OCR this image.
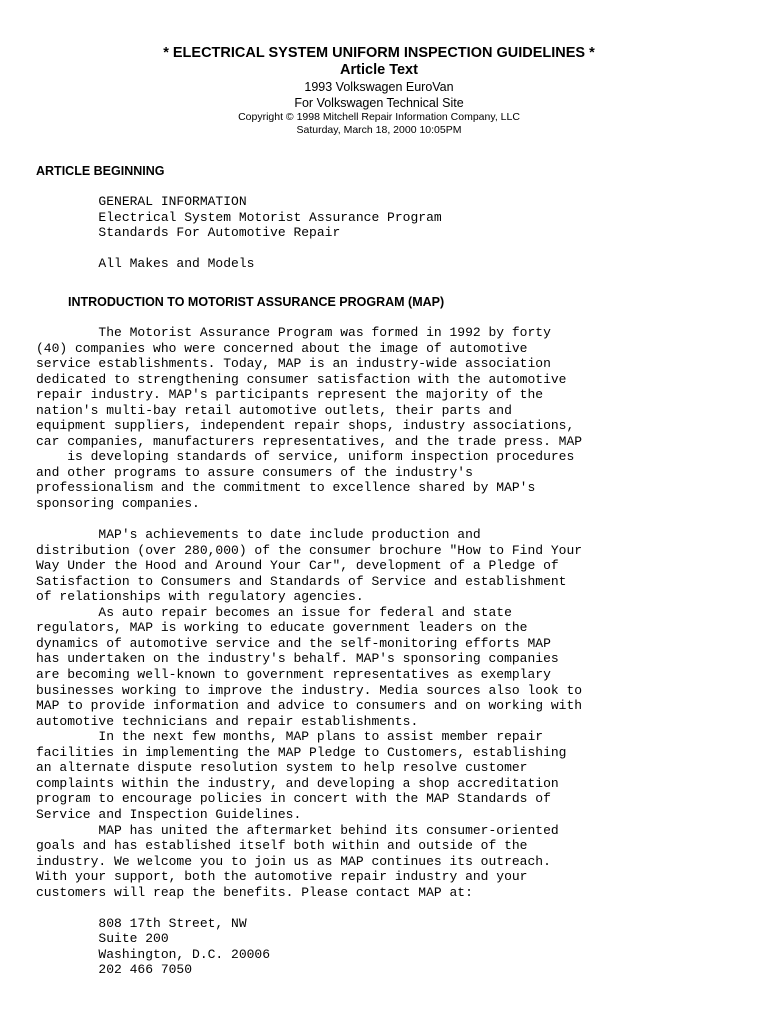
* ELECTRICAL SYSTEM UNIFORM INSPECTION GUIDELINES *
Article Text
1993 Volkswagen EuroVan
For Volkswagen Technical Site
Copyright © 1998 Mitchell Repair Information Company, LLC
Saturday, March 18, 2000 10:05PM
ARTICLE BEGINNING
GENERAL INFORMATION
Electrical System Motorist Assurance Program
Standards For Automotive Repair

All Makes and Models
INTRODUCTION TO MOTORIST ASSURANCE PROGRAM (MAP)
The Motorist Assurance Program was formed in 1992 by forty
(40) companies who were concerned about the image of automotive
service establishments. Today, MAP is an industry-wide association
dedicated to strengthening consumer satisfaction with the automotive
repair industry. MAP's participants represent the majority of the
nation's multi-bay retail automotive outlets, their parts and
equipment suppliers, independent repair shops, industry associations,
car companies, manufacturers representatives, and the trade press. MAP
is developing standards of service, uniform inspection procedures
and other programs to assure consumers of the industry's
professionalism and the commitment to excellence shared by MAP's
sponsoring companies.

MAP's achievements to date include production and
distribution (over 280,000) of the consumer brochure "How to Find Your
Way Under the Hood and Around Your Car", development of a Pledge of
Satisfaction to Consumers and Standards of Service and establishment
of relationships with regulatory agencies.
As auto repair becomes an issue for federal and state
regulators, MAP is working to educate government leaders on the
dynamics of automotive service and the self-monitoring efforts MAP
has undertaken on the industry's behalf. MAP's sponsoring companies
are becoming well-known to government representatives as exemplary
businesses working to improve the industry. Media sources also look to
MAP to provide information and advice to consumers and on working with
automotive technicians and repair establishments.
In the next few months, MAP plans to assist member repair
facilities in implementing the MAP Pledge to Customers, establishing
an alternate dispute resolution system to help resolve customer
complaints within the industry, and developing a shop accreditation
program to encourage policies in concert with the MAP Standards of
Service and Inspection Guidelines.
MAP has united the aftermarket behind its consumer-oriented
goals and has established itself both within and outside of the
industry. We welcome you to join us as MAP continues its outreach.
With your support, both the automotive repair industry and your
customers will reap the benefits. Please contact MAP at:

808 17th Street, NW
Suite 200
Washington, D.C. 20006
202 466 7050
